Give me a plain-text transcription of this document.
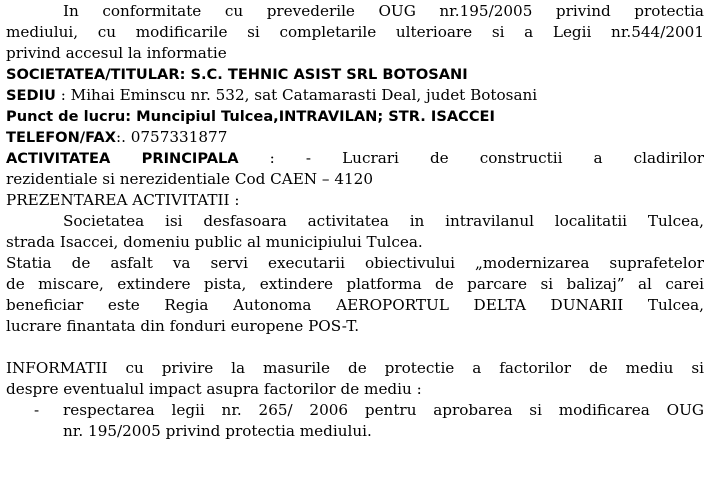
In conformitate cu prevederile OUG nr.195/2005 privind protectia
mediului, cu modificarile si completarile ulterioare si a Legii nr.544/2001
privind accesul la informatie
SOCIETATEA/TITULAR: S.C. TEHNIC ASIST SRL BOTOSANI
SEDIU : Mihai Eminscu nr. 532, sat Catamarasti Deal, judet Botosani
Punct de lucru: Muncipiul Tulcea,INTRAVILAN; STR. ISACCEI
TELEFON/FAX:. 0757331877
ACTIVITATEA PRINCIPALA : - Lucrari de constructii a cladirilor
rezidentiale si nerezidentiale Cod CAEN – 4120
PREZENTAREA ACTIVITATII :
Societatea isi desfasoara activitatea in intravilanul localitatii Tulcea,
strada Isaccei, domeniu public al municipiului Tulcea.
Statia de asfalt va servi executarii obiectivului „modernizarea suprafetelor
de miscare, extindere pista, extindere platforma de parcare si balizaj” al carei
beneficiar este Regia Autonoma AEROPORTUL DELTA DUNARII Tulcea,
lucrare finantata din fonduri europene POS-T.
INFORMATII cu privire la masurile de protectie a factorilor de mediu si
despre eventualul impact asupra factorilor de mediu :
- respectarea legii nr. 265/ 2006 pentru aprobarea si modificarea OUG
nr. 195/2005 privind protectia mediului.
